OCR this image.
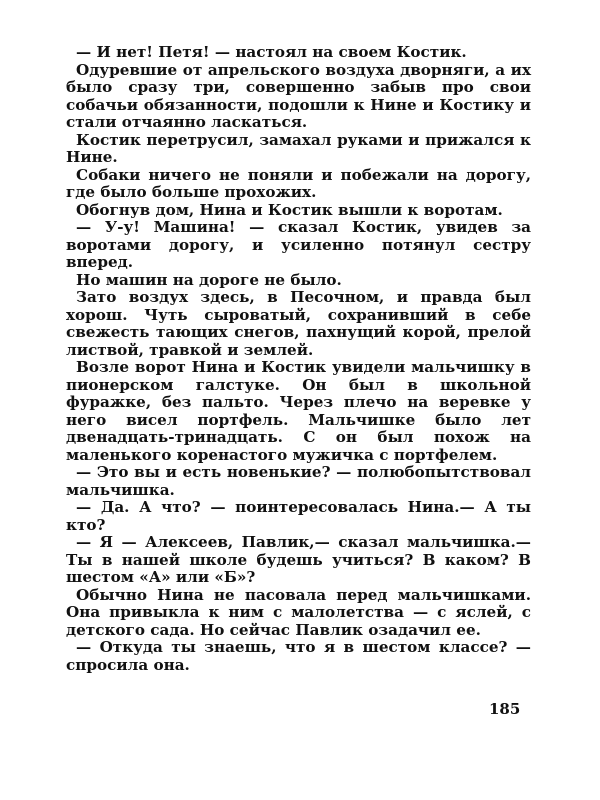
— И нет! Петя! — настоял на своем Костик.

Одуревшие от апрельского воздуха дворняги, а их было сразу три, совершенно забыв про свои собачьи обязанности, подошли к Нине и Костику и стали отчаянно ласкаться.

Костик перетрусил, замахал руками и прижался к Нине.

Собаки ничего не поняли и побежали на дорогу, где было больше прохожих.

Обогнув дом, Нина и Костик вышли к воротам.

— У-у! Машина! — сказал Костик, увидев за воротами дорогу, и усиленно потянул сестру вперед.

Но машин на дороге не было.

Зато воздух здесь, в Песочном, и правда был хорош. Чуть сыроватый, сохранивший в себе свежесть тающих снегов, пахнущий корой, прелой листвой, травкой и землей.

Возле ворот Нина и Костик увидели мальчишку в пионерском галстуке. Он был в школьной фуражке, без пальто. Через плечо на веревке у него висел портфель. Мальчишке было лет двенадцать-тринадцать. С он был похож на маленького коренастого мужичка с портфелем.

— Это вы и есть новенькие? — полюбопытствовал мальчишка.

— Да. А что? — поинтересовалась Нина.— А ты кто?

— Я — Алексеев, Павлик,— сказал мальчишка.— Ты в нашей школе будешь учиться? В каком? В шестом «А» или «Б»?

Обычно Нина не пасовала перед мальчишками. Она привыкла к ним с малолетства — с яслей, с детского сада. Но сейчас Павлик озадачил ее.

— Откуда ты знаешь, что я в шестом классе? — спросила она.

185
